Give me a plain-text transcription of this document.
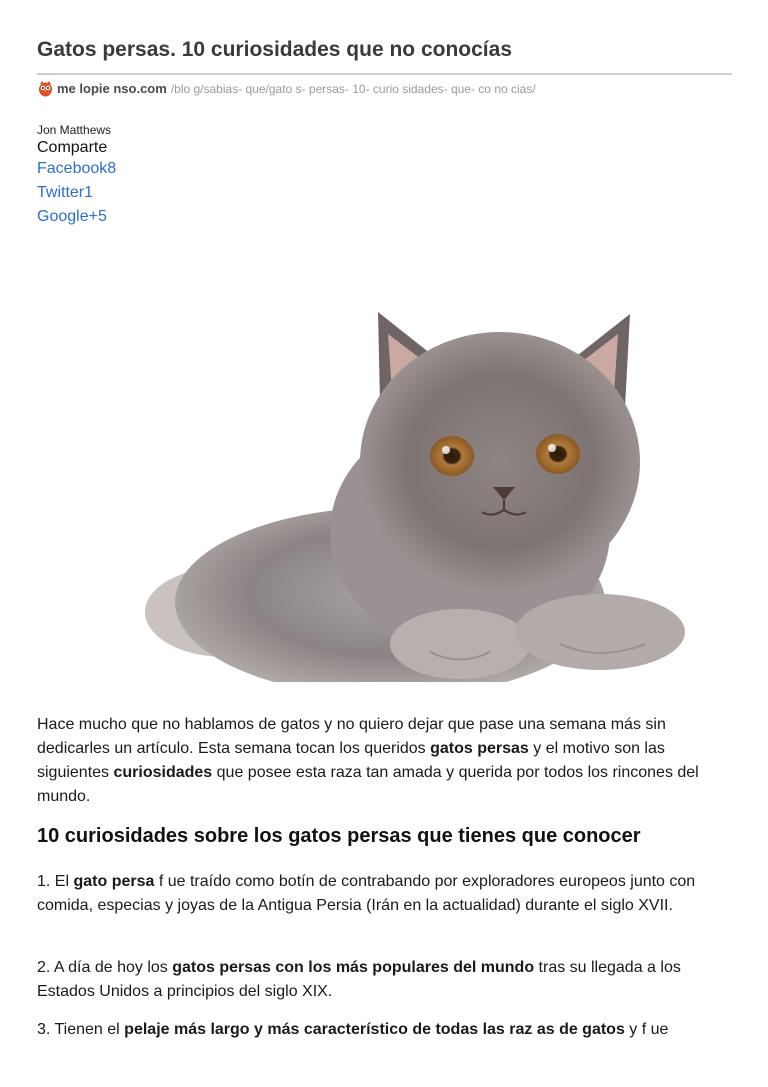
Gatos persas. 10 curiosidades que no conocías
me lopie nso.com /blo g/sabias- que/gato s- persas- 10- curio sidades- que- co no cias/
Jon Matthews
Comparte
Facebook8
Twitter1
Google+5

Hace mucho que no hablamos de gatos y no quiero dejar que pase una semana más sin dedicarles un artículo. Esta semana tocan los queridos gatos persas y el motivo son las siguientes curiosidades que posee esta raza tan amada y querida por todos los rincones del mundo.

10 curiosidades sobre los gatos persas que tienes que conocer

1. El gato persa f ue traído como botín de contrabando por exploradores europeos junto con comida, especias y joyas de la Antigua Persia (Irán en la actualidad) durante el siglo XVII.

2. A día de hoy los gatos persas con los más populares del mundo tras su llegada a los Estados Unidos a principios del siglo XIX.

3. Tienen el pelaje más largo y más característico de todas las raz as de gatos y f ue
